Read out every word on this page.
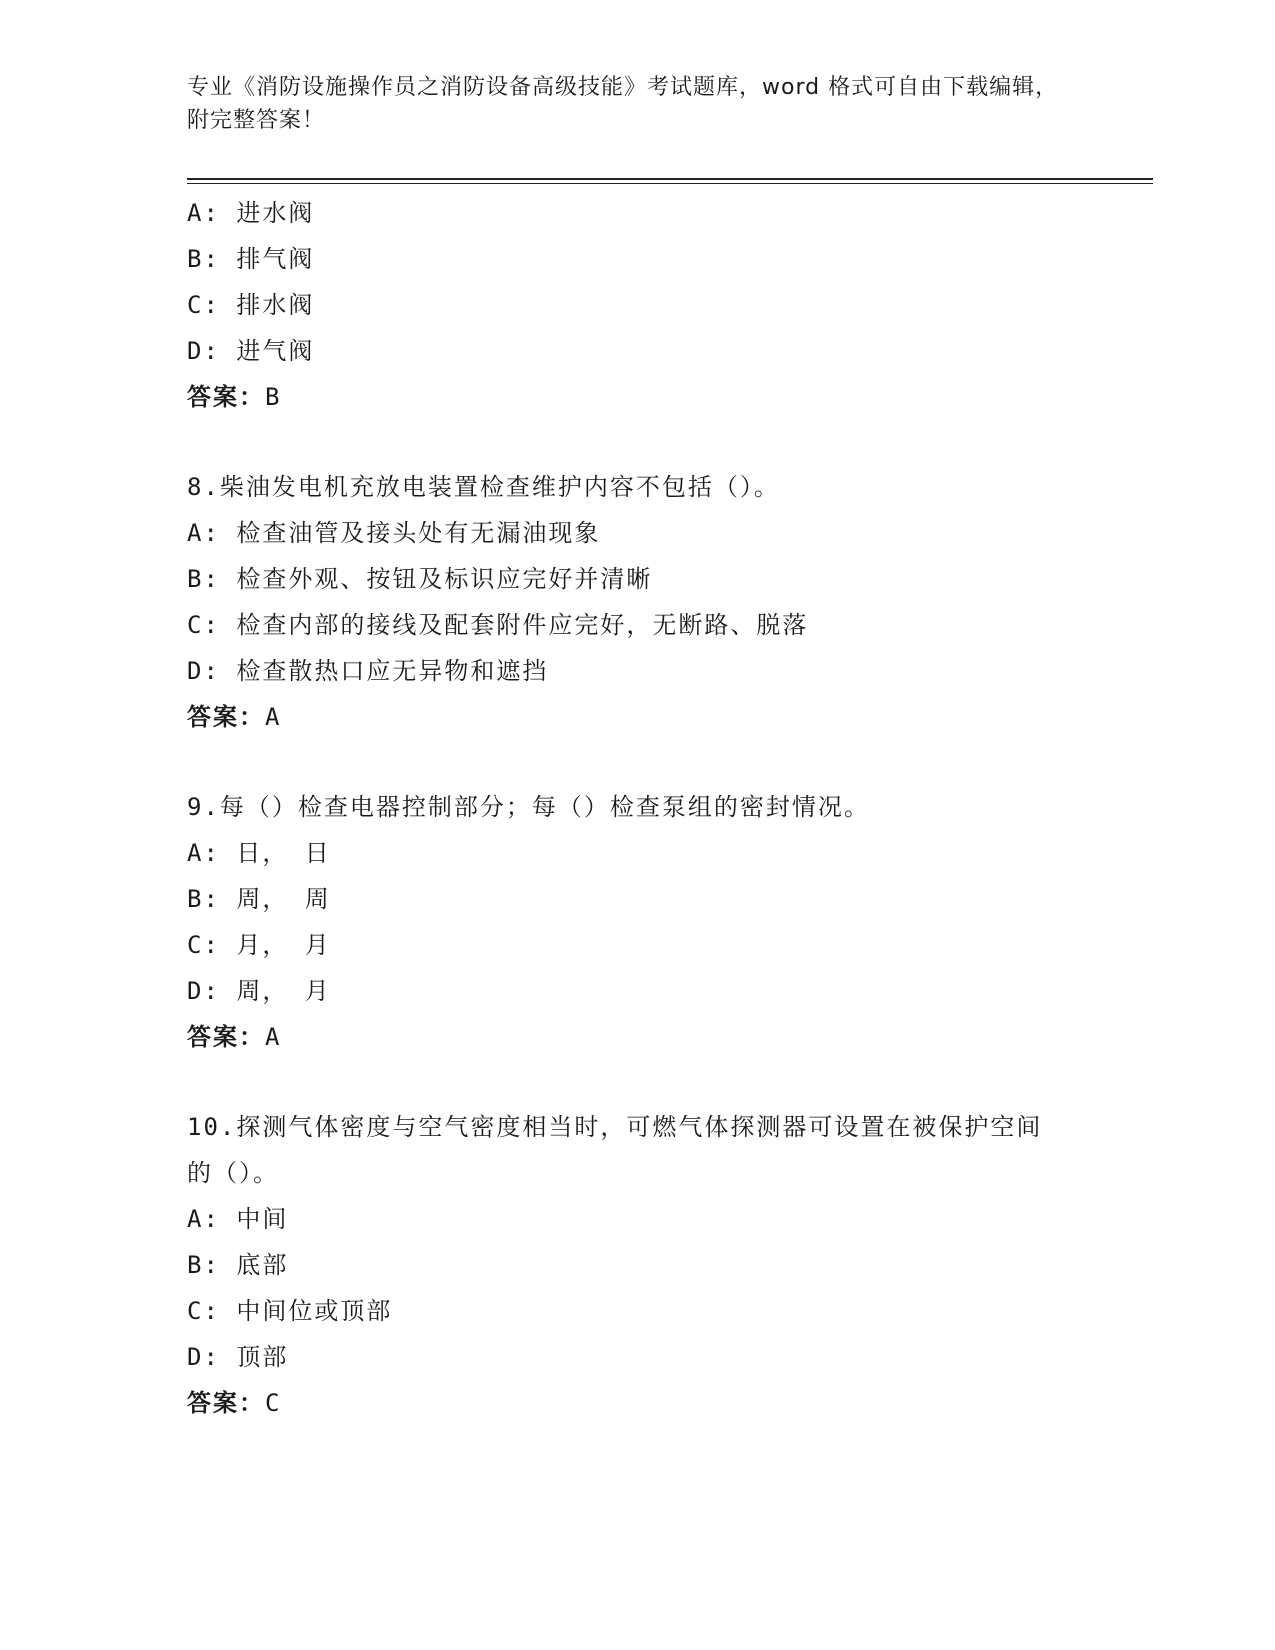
专业《消防设施操作员之消防设备高级技能》考试题库，word 格式可自由下载编辑，附完整答案！
A: 进水阀
B: 排气阀
C: 排水阀
D: 进气阀
答案：B
8.柴油发电机充放电装置检查维护内容不包括（）。
A: 检查油管及接头处有无漏油现象
B: 检查外观、按钮及标识应完好并清晰
C: 检查内部的接线及配套附件应完好，无断路、脱落
D: 检查散热口应无异物和遮挡
答案：A
9.每（）检查电器控制部分；每（）检查泵组的密封情况。
A: 日， 日
B: 周， 周
C: 月， 月
D: 周， 月
答案：A
10.探测气体密度与空气密度相当时，可燃气体探测器可设置在被保护空间的（）。
A: 中间
B: 底部
C: 中间位或顶部
D: 顶部
答案：C
